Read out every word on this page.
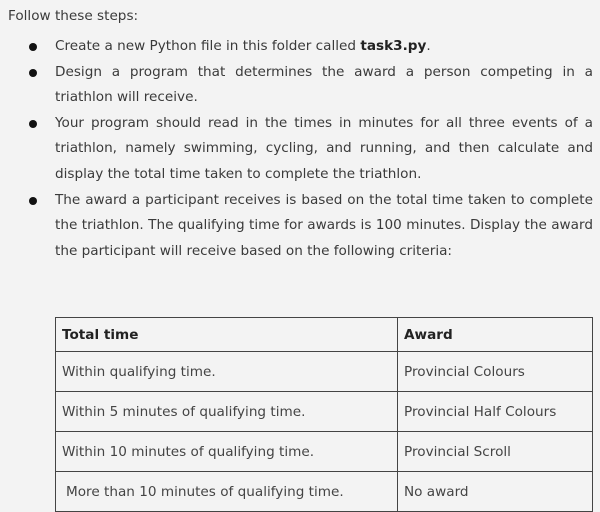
Follow these steps:

Create a new Python file in this folder called task3.py.
Design a program that determines the award a person competing in a triathlon will receive.
Your program should read in the times in minutes for all three events of a triathlon, namely swimming, cycling, and running, and then calculate and display the total time taken to complete the triathlon.
The award a participant receives is based on the total time taken to complete the triathlon. The qualifying time for awards is 100 minutes. Display the award the participant will receive based on the following criteria:
Total time	Award
Within qualifying time.	Provincial Colours
Within 5 minutes of qualifying time.	Provincial Half Colours
Within 10 minutes of qualifying time.	Provincial Scroll
More than 10 minutes of qualifying time.	No award
